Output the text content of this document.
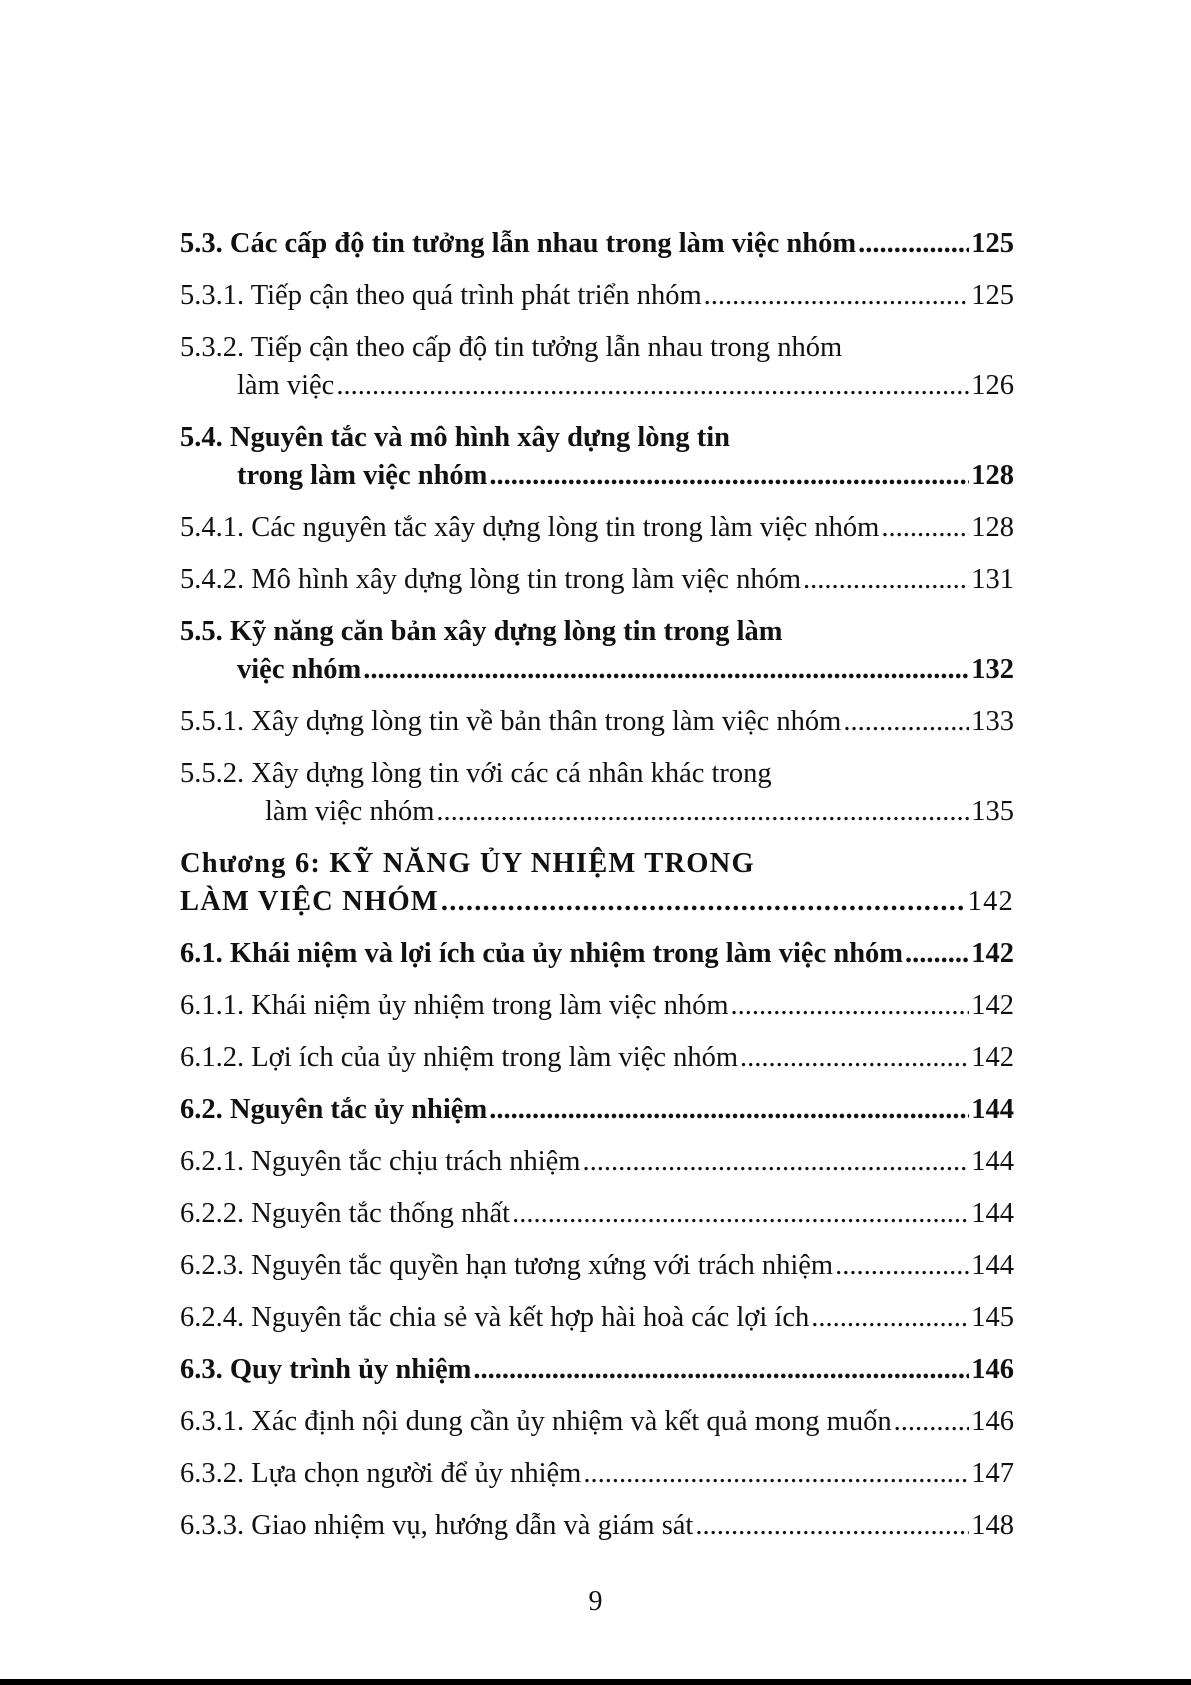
5.3. Các cấp độ tin tưởng lẫn nhau trong làm việc nhóm .....	125
5.3.1. Tiếp cận theo quá trình phát triển nhóm .....	125
5.3.2. Tiếp cận theo cấp độ tin tưởng lẫn nhau trong nhóm
làm việc .....	126
5.4. Nguyên tắc và mô hình xây dựng lòng tin
trong làm việc nhóm .....	128
5.4.1. Các nguyên tắc xây dựng lòng tin trong làm việc nhóm .....	128
5.4.2. Mô hình xây dựng lòng tin trong làm việc nhóm .....	131
5.5. Kỹ năng căn bản xây dựng lòng tin trong làm
việc nhóm .....	132
5.5.1. Xây dựng lòng tin về bản thân trong làm việc nhóm .....	133
5.5.2. Xây dựng lòng tin với các cá nhân khác trong
làm việc nhóm .....	135
Chương 6: KỸ NĂNG ỦY NHIỆM TRONG
LÀM VIỆC NHÓM .....	142
6.1. Khái niệm và lợi ích của ủy nhiệm trong làm việc nhóm ..... 142
6.1.1. Khái niệm ủy nhiệm trong làm việc nhóm .....	142
6.1.2. Lợi ích của ủy nhiệm trong làm việc nhóm .....	142
6.2. Nguyên tắc ủy nhiệm .....	144
6.2.1. Nguyên tắc chịu trách nhiệm .....	144
6.2.2. Nguyên tắc thống nhất .....	144
6.2.3. Nguyên tắc quyền hạn tương xứng với trách nhiệm .....	144
6.2.4. Nguyên tắc chia sẻ và kết hợp hài hoà các lợi ích .....	145
6.3. Quy trình ủy nhiệm .....	146
6.3.1. Xác định nội dung cần ủy nhiệm và kết quả mong muốn .....	146
6.3.2. Lựa chọn người để ủy nhiệm .....	147
6.3.3. Giao nhiệm vụ, hướng dẫn và giám sát .....	148
9
